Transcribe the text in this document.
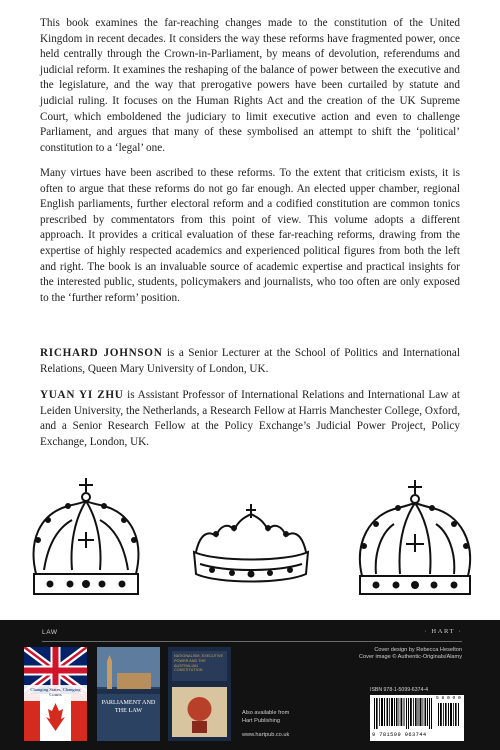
This book examines the far-reaching changes made to the constitution of the United Kingdom in recent decades. It considers the way these reforms have fragmented power, once held centrally through the Crown-in-Parliament, by means of devolution, referendums and judicial reform. It examines the reshaping of the balance of power between the executive and the legislature, and the way that prerogative powers have been curtailed by statute and judicial ruling. It focuses on the Human Rights Act and the creation of the UK Supreme Court, which emboldened the judiciary to limit executive action and even to challenge Parliament, and argues that many of these symbolised an attempt to shift the ‘political’ constitution to a ‘legal’ one.

Many virtues have been ascribed to these reforms. To the extent that criticism exists, it is often to argue that these reforms do not go far enough. An elected upper chamber, regional English parliaments, further electoral reform and a codified constitution are common tonics prescribed by commentators from this point of view. This volume adopts a different approach. It provides a critical evaluation of these far-reaching reforms, drawing from the expertise of highly respected academics and experienced political figures from both the left and right. The book is an invaluable source of academic expertise and practical insights for the interested public, students, policymakers and journalists, who too often are only exposed to the ‘further reform’ position.

RICHARD JOHNSON is a Senior Lecturer at the School of Politics and International Relations, Queen Mary University of London, UK.

YUAN YI ZHU is Assistant Professor of International Relations and International Law at Leiden University, the Netherlands, a Research Fellow at Harris Manchester College, Oxford, and a Senior Research Fellow at the Policy Exchange’s Judicial Power Project, Policy Exchange, London, UK.

LAW	· HART ·
Cover design by Rebecca Heselton
Cover image © Authentic-Originals/Alamy
Changing States, Changing Courts
PARLIAMENT AND THE LAW
NATIONALISM, EXECUTIVE POWER AND THE AUSTRALIAN CONSTITUTION
Also available from
Hart Publishing
www.hartpub.co.uk
ISBN 978-1-5099-6374-4
5 8 0 0 0
9 781509 963744
